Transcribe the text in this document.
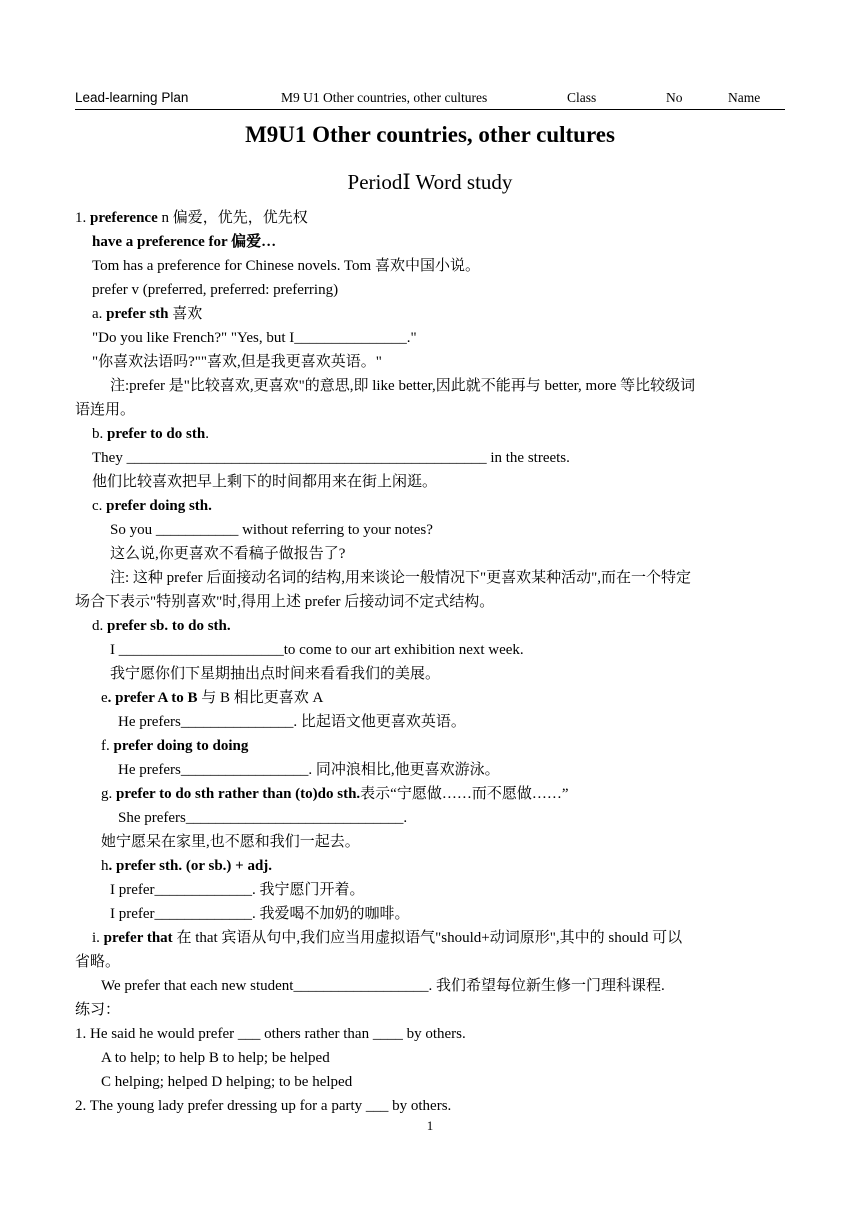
Lead-learning Plan	M9 U1 Other countries, other cultures	Class	No	Name
M9U1 Other countries, other cultures
PeriodⅠ Word study
1. preference n 偏爱，优先，优先权
have a preference for 偏爱…
Tom has a preference for Chinese novels. Tom 喜欢中国小说。
prefer v (preferred, preferred: preferring)
a. prefer sth 喜欢
"Do you like French?" "Yes, but I_______________."
"你喜欢法语吗?""喜欢,但是我更喜欢英语。"
注:prefer 是"比较喜欢,更喜欢"的意思,即 like better,因此就不能再与 better, more 等比较级词
语连用。
b. prefer to do sth.
They ________________________________________________ in the streets.
他们比较喜欢把早上剩下的时间都用来在街上闲逛。
c. prefer doing sth.
So you ___________ without referring to your notes?
这么说,你更喜欢不看稿子做报告了?
注: 这种 prefer 后面接动名词的结构,用来谈论一般情况下"更喜欢某种活动",而在一个特定
场合下表示"特别喜欢"时,得用上述 prefer 后接动词不定式结构。
d. prefer sb. to do sth.
I ______________________to come to our art exhibition next week.
我宁愿你们下星期抽出点时间来看看我们的美展。
e. prefer A to B 与 B 相比更喜欢 A
He prefers_______________. 比起语文他更喜欢英语。
f. prefer doing to doing
He prefers_________________. 同冲浪相比,他更喜欢游泳。
g. prefer to do sth rather than (to)do sth.表示“宁愿做……而不愿做……”
She prefers_____________________________.
她宁愿呆在家里,也不愿和我们一起去。
h. prefer sth. (or sb.) + adj.
I prefer_____________. 我宁愿门开着。
I prefer_____________. 我爱喝不加奶的咖啡。
i. prefer that 在 that 宾语从句中,我们应当用虚拟语气"should+动词原形",其中的 should 可以
省略。
We prefer that each new student__________________. 我们希望每位新生修一门理科课程.
练习：
1. He said he would prefer ___ others rather than ____ by others.
A to help; to help B to help; be helped
C helping; helped D helping; to be helped
2. The young lady prefer dressing up for a party ___ by others.
1
